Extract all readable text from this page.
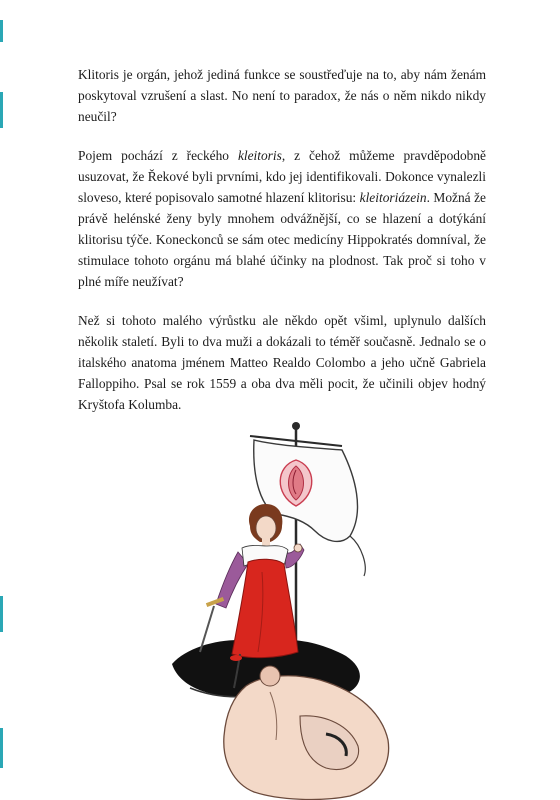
Klitoris je orgán, jehož jediná funkce se soustřeďuje na to, aby nám ženám poskytoval vzrušení a slast. No není to paradox, že nás o něm nikdo nikdy neučil?

Pojem pochází z řeckého kleitoris, z čehož můžeme pravděpodobně usuzovat, že Řekové byli prvními, kdo jej identifikovali. Dokonce vynalezli sloveso, které popisovalo samotné hlazení klitorisu: kleitoriázein. Možná že právě helénské ženy byly mnohem odvážnější, co se hlazení a dotýkání klitorisu týče. Koneckonců se sám otec medicíny Hippokratés domníval, že stimulace tohoto orgánu má blahé účinky na plodnost. Tak proč si toho v plné míře neužívat?

Než si tohoto malého výrůstku ale někdo opět všiml, uplynulo dalších několik staletí. Byli to dva muži a dokázali to téměř současně. Jednalo se o italského anatoma jménem Matteo Realdo Colombo a jeho učně Gabriela Falloppiho. Psal se rok 1559 a oba dva měli pocit, že učinili objev hodný Kryštofa Kolumba.
